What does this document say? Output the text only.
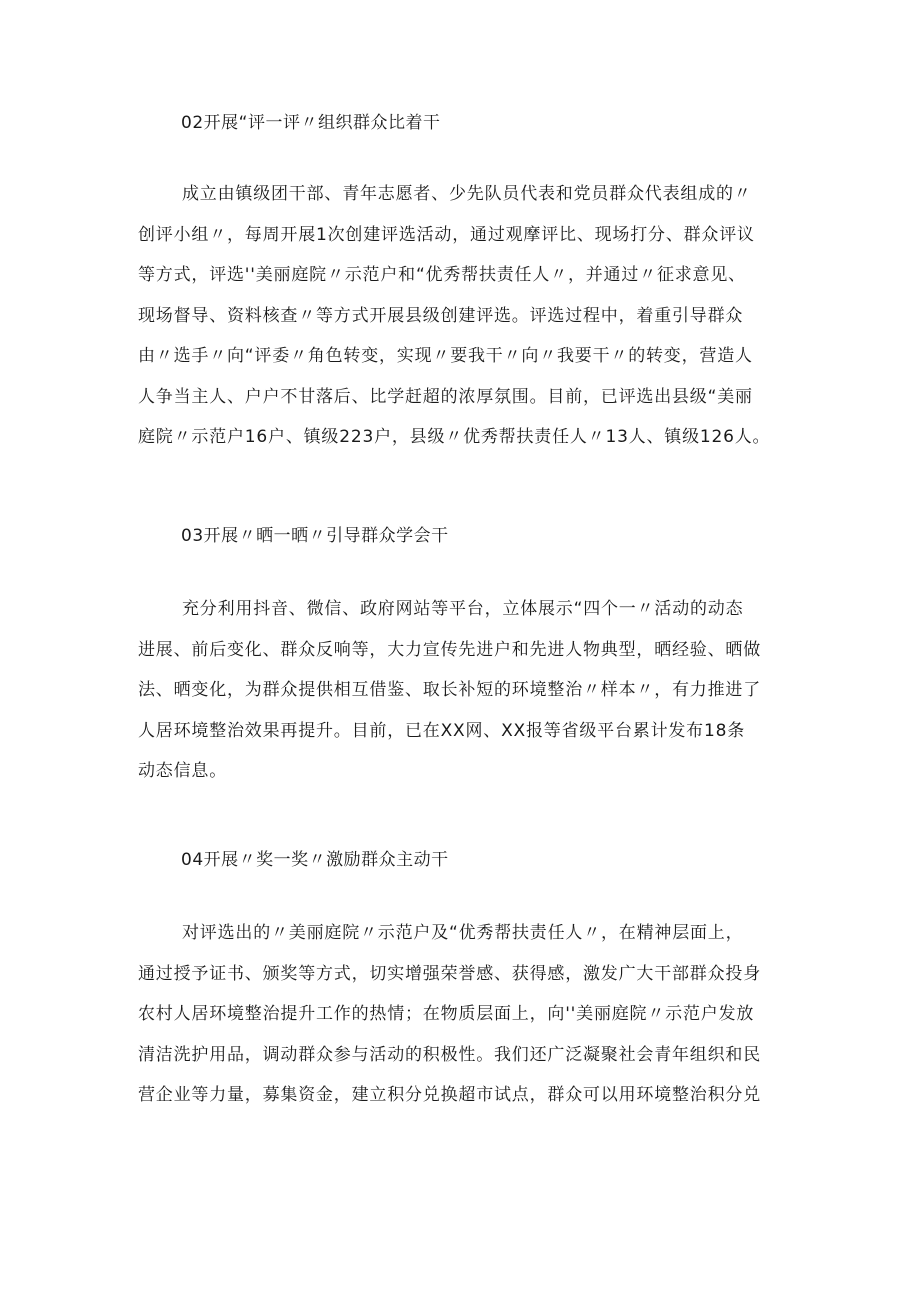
02开展“评一评〃组织群众比着干
成立由镇级团干部、青年志愿者、少先队员代表和党员群众代表组成的〃
创评小组〃，每周开展1次创建评选活动，通过观摩评比、现场打分、群众评议
等方式，评选''美丽庭院〃示范户和“优秀帮扶责任人〃，并通过〃征求意见、
现场督导、资料核查〃等方式开展县级创建评选。评选过程中，着重引导群众
由〃选手〃向“评委〃角色转变，实现〃要我干〃向〃我要干〃的转变，营造人
人争当主人、户户不甘落后、比学赶超的浓厚氛围。目前，已评选出县级“美丽
庭院〃示范户16户、镇级223户，县级〃优秀帮扶责任人〃13人、镇级126人。
03开展〃晒一晒〃引导群众学会干
充分利用抖音、微信、政府网站等平台，立体展示“四个一〃活动的动态
进展、前后变化、群众反响等，大力宣传先进户和先进人物典型，晒经验、晒做
法、晒变化，为群众提供相互借鉴、取长补短的环境整治〃样本〃，有力推进了
人居环境整治效果再提升。目前，已在XX网、XX报等省级平台累计发布18条
动态信息。
04开展〃奖一奖〃激励群众主动干
对评选出的〃美丽庭院〃示范户及“优秀帮扶责任人〃，在精神层面上，
通过授予证书、颁奖等方式，切实增强荣誉感、获得感，激发广大干部群众投身
农村人居环境整治提升工作的热情；在物质层面上，向''美丽庭院〃示范户发放
清洁洗护用品，调动群众参与活动的积极性。我们还广泛凝聚社会青年组织和民
营企业等力量，募集资金，建立积分兑换超市试点，群众可以用环境整治积分兑
